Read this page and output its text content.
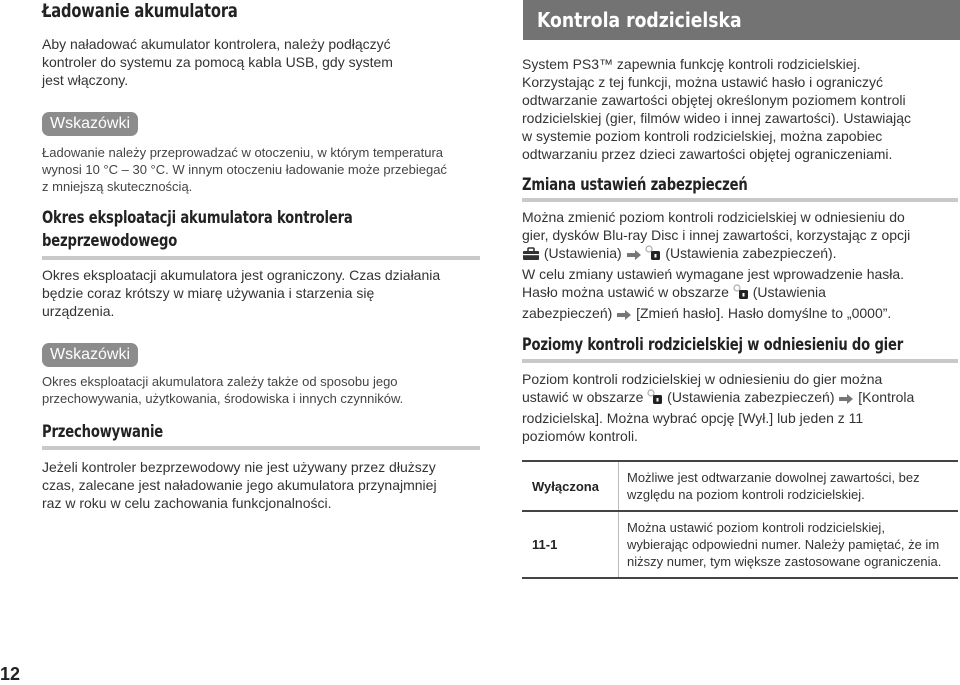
Ładowanie akumulatora

Aby naładować akumulator kontrolera, należy podłączyć

kontroler do systemu za pomocą kabla USB, gdy system

jest włączony.

Wskazówki

Ładowanie należy przeprowadzać w otoczeniu, w którym temperatura

wynosi 10 °C – 30 °C. W innym otoczeniu ładowanie może przebiegać

z mniejszą skutecznością.

Okres eksploatacji akumulatora kontrolera
bezprzewodowego

Okres eksploatacji akumulatora jest ograniczony. Czas działania

będzie coraz krótszy w miarę używania i starzenia się

urządzenia.

Wskazówki

Okres eksploatacji akumulatora zależy także od sposobu jego

przechowywania, użytkowania, środowiska i innych czynników.

Przechowywanie

Jeżeli kontroler bezprzewodowy nie jest używany przez dłuższy

czas, zalecane jest naładowanie jego akumulatora przynajmniej

raz w roku w celu zachowania funkcjonalności.

12
Kontrola rodzicielska

System PS3™ zapewnia funkcję kontroli rodzicielskiej.

Korzystając z tej funkcji, można ustawić hasło i ograniczyć

odtwarzanie zawartości objętej określonym poziomem kontroli

rodzicielskiej (gier, filmów wideo i innej zawartości). Ustawiając

w systemie poziom kontroli rodzicielskiej, można zapobiec

odtwarzaniu przez dzieci zawartości objętej ograniczeniami.

Zmiana ustawień zabezpieczeń

Można zmienić poziom kontroli rodzicielskiej w odniesieniu do

gier, dysków Blu-ray Disc i innej zawartości, korzystając z opcji

(Ustawienia)	(Ustawienia zabezpieczeń).

W celu zmiany ustawień wymagane jest wprowadzenie hasła.

Hasło można ustawić w obszarze (Ustawienia

zabezpieczeń) [Zmień hasło]. Hasło domyślne to „0000”.

Poziomy kontroli rodzicielskiej w odniesieniu do gier

Poziom kontroli rodzicielskiej w odniesieniu do gier można

ustawić w obszarze (Ustawienia zabezpieczeń) [Kontrola

rodzicielska]. Można wybrać opcję [Wył.] lub jeden z 11

poziomów kontroli.

Wyłączona	Możliwe jest odtwarzanie dowolnej zawartości, bez
względu na poziom kontroli rodzicielskiej.

11-1	Można ustawić poziom kontroli rodzicielskiej,
wybierając odpowiedni numer. Należy pamiętać, że im
niższy numer, tym większe zastosowane ograniczenia.
